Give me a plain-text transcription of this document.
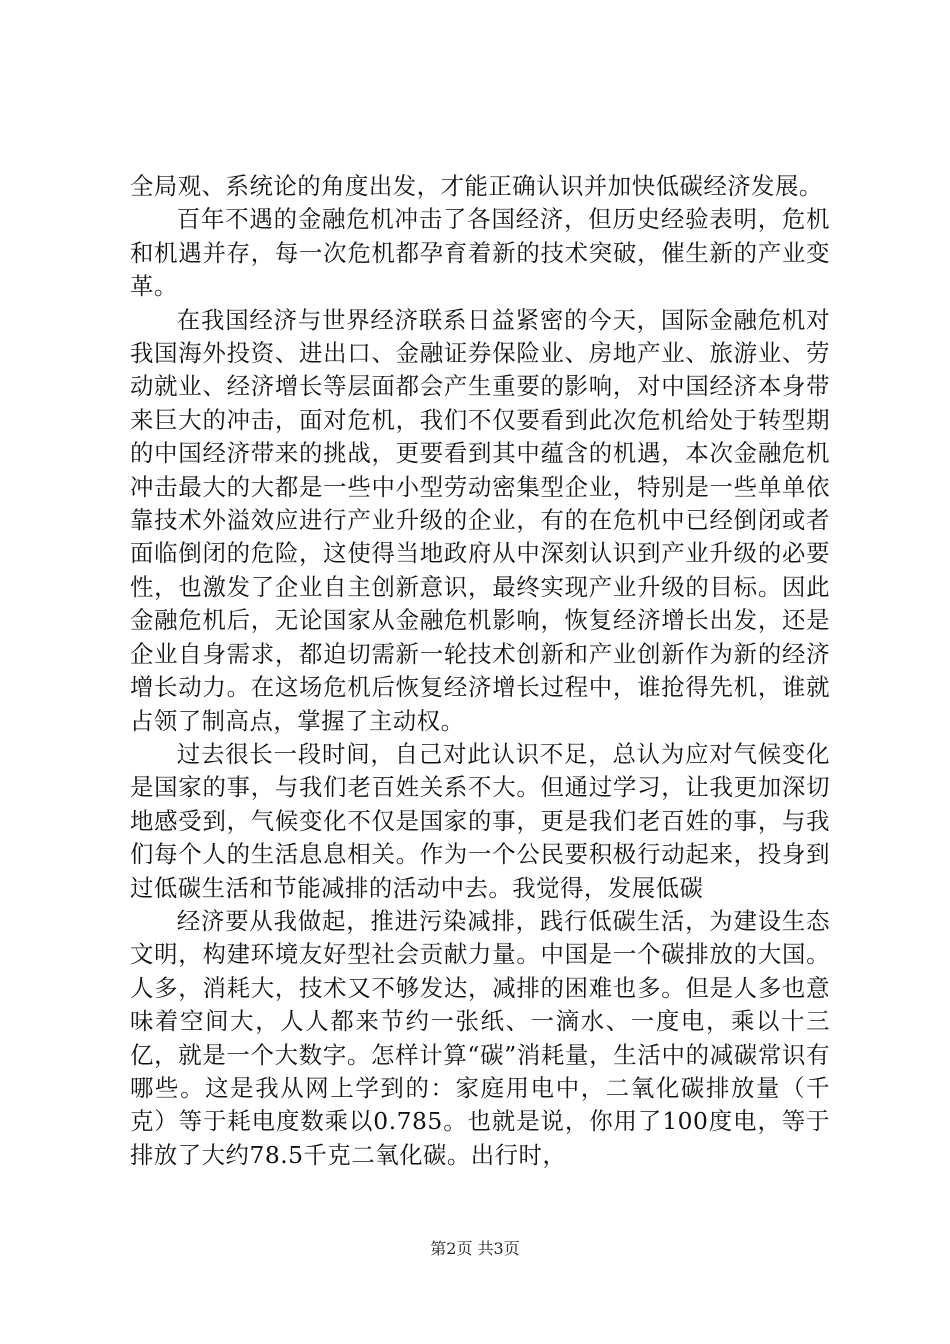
全局观、系统论的角度出发，才能正确认识并加快低碳经济发展。

百年不遇的金融危机冲击了各国经济，但历史经验表明，危机和机遇并存，每一次危机都孕育着新的技术突破，催生新的产业变革。

在我国经济与世界经济联系日益紧密的今天，国际金融危机对我国海外投资、进出口、金融证券保险业、房地产业、旅游业、劳动就业、经济增长等层面都会产生重要的影响，对中国经济本身带来巨大的冲击，面对危机，我们不仅要看到此次危机给处于转型期的中国经济带来的挑战，更要看到其中蕴含的机遇，本次金融危机冲击最大的大都是一些中小型劳动密集型企业，特别是一些单单依靠技术外溢效应进行产业升级的企业，有的在危机中已经倒闭或者面临倒闭的危险，这使得当地政府从中深刻认识到产业升级的必要性，也激发了企业自主创新意识，最终实现产业升级的目标。因此金融危机后，无论国家从金融危机影响，恢复经济增长出发，还是企业自身需求，都迫切需新一轮技术创新和产业创新作为新的经济增长动力。在这场危机后恢复经济增长过程中，谁抢得先机，谁就占领了制高点，掌握了主动权。

过去很长一段时间，自己对此认识不足，总认为应对气候变化是国家的事，与我们老百姓关系不大。但通过学习，让我更加深切地感受到，气候变化不仅是国家的事，更是我们老百姓的事，与我们每个人的生活息息相关。作为一个公民要积极行动起来，投身到过低碳生活和节能减排的活动中去。我觉得，发展低碳

经济要从我做起，推进污染减排，践行低碳生活，为建设生态文明，构建环境友好型社会贡献力量。中国是一个碳排放的大国。人多，消耗大，技术又不够发达，减排的困难也多。但是人多也意味着空间大，人人都来节约一张纸、一滴水、一度电，乘以十三亿，就是一个大数字。怎样计算“碳”消耗量，生活中的减碳常识有哪些。这是我从网上学到的：家庭用电中，二氧化碳排放量（千克）等于耗电度数乘以0.785。也就是说，你用了100度电，等于排放了大约78.5千克二氧化碳。出行时，

第2页 共3页
